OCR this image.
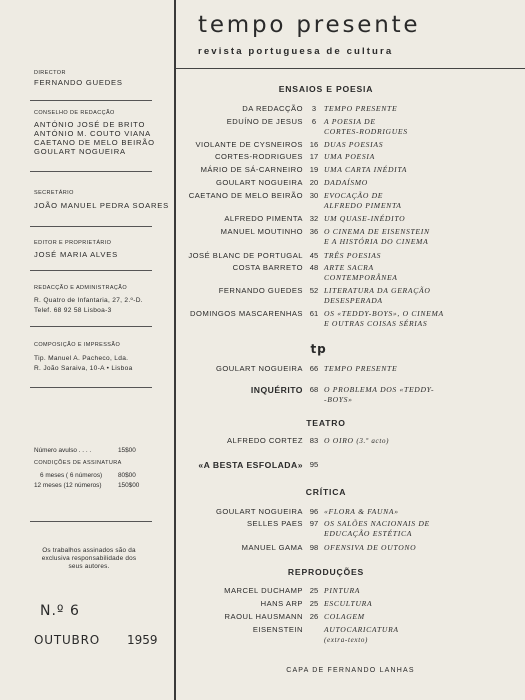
DIRECTOR
FERNANDO GUEDES
CONSELHO DE REDACÇÃO
ANTÓNIO JOSÉ DE BRITO
ANTÓNIO M. COUTO VIANA
CAETANO DE MELO BEIRÃO
GOULART NOGUEIRA
SECRETÁRIO
JOÃO MANUEL PEDRA SOARES
EDITOR E PROPRIETÁRIO
JOSÉ MARIA ALVES
REDACÇÃO E ADMINISTRAÇÃO
R. Quatro de Infantaria, 27, 2.º-D.
Telef. 68 92 58 Lisboa-3
COMPOSIÇÃO E IMPRESSÃO
Tip. Manuel A. Pacheco, Lda.
R. João Saraiva, 10-A • Lisboa
Número avulso . . . .	15$00
CONDIÇÕES DE ASSINATURA
6 meses ( 6 números) 80$00
12 meses (12 números)	150$00
Os trabalhos assinados são da exclusiva responsabilidade dos seus autores.
N.º 6
OUTUBRO 1959
tempo presente
revista portuguesa de cultura
ENSAIOS E POESIA
DA REDACÇÃO	3	TEMPO PRESENTE
EDUÍNO DE JESUS	6	A POESIA DE
CORTES-RODRIGUES
VIOLANTE DE CYSNEIROS 16 DUAS POESIAS
CORTES-RODRIGUES 17 UMA POESIA
MÁRIO DE SÁ-CARNEIRO 19 UMA CARTA INÉDITA
GOULART NOGUEIRA 20 DADAÍSMO
CAETANO DE MELO BEIRÃO 30 EVOCAÇÃO DE
ALFREDO PIMENTA
ALFREDO PIMENTA 32 UM QUASE-INÉDITO
MANUEL MOUTINHO 36 O CINEMA DE EISENSTEIN
E A HISTÓRIA DO CINEMA
JOSÉ BLANC DE PORTUGAL 45 TRÊS POESIAS
COSTA BARRETO 48 ARTE SACRA
CONTEMPORÂNEA
FERNANDO GUEDES 52 LITERATURA DA GERAÇÃO
DESESPERADA
DOMINGOS MASCARENHAS 61 OS «TEDDY-BOYS», O CINEMA
E OUTRAS COISAS SÉRIAS
tp
GOULART NOGUEIRA 66 TEMPO PRESENTE
INQUÉRITO 68 O PROBLEMA DOS «TEDDY-
-BOYS»
TEATRO
ALFREDO CORTEZ 83 O OIRO (3.º acto)
«A BESTA ESFOLADA» 95
CRÍTICA
GOULART NOGUEIRA 96 «FLORA & FAUNA»
SELLES PAES 97 OS SALÕES NACIONAIS DE
EDUCAÇÃO ESTÉTICA
MANUEL GAMA 98 OFENSIVA DE OUTONO
REPRODUÇÕES
MARCEL DUCHAMP 25 PINTURA
HANS ARP 25 ESCULTURA
RAOUL HAUSMANN 26 COLAGEM
EISENSTEIN	AUTOCARICATURA
(extra-texto)
CAPA DE FERNANDO LANHAS
